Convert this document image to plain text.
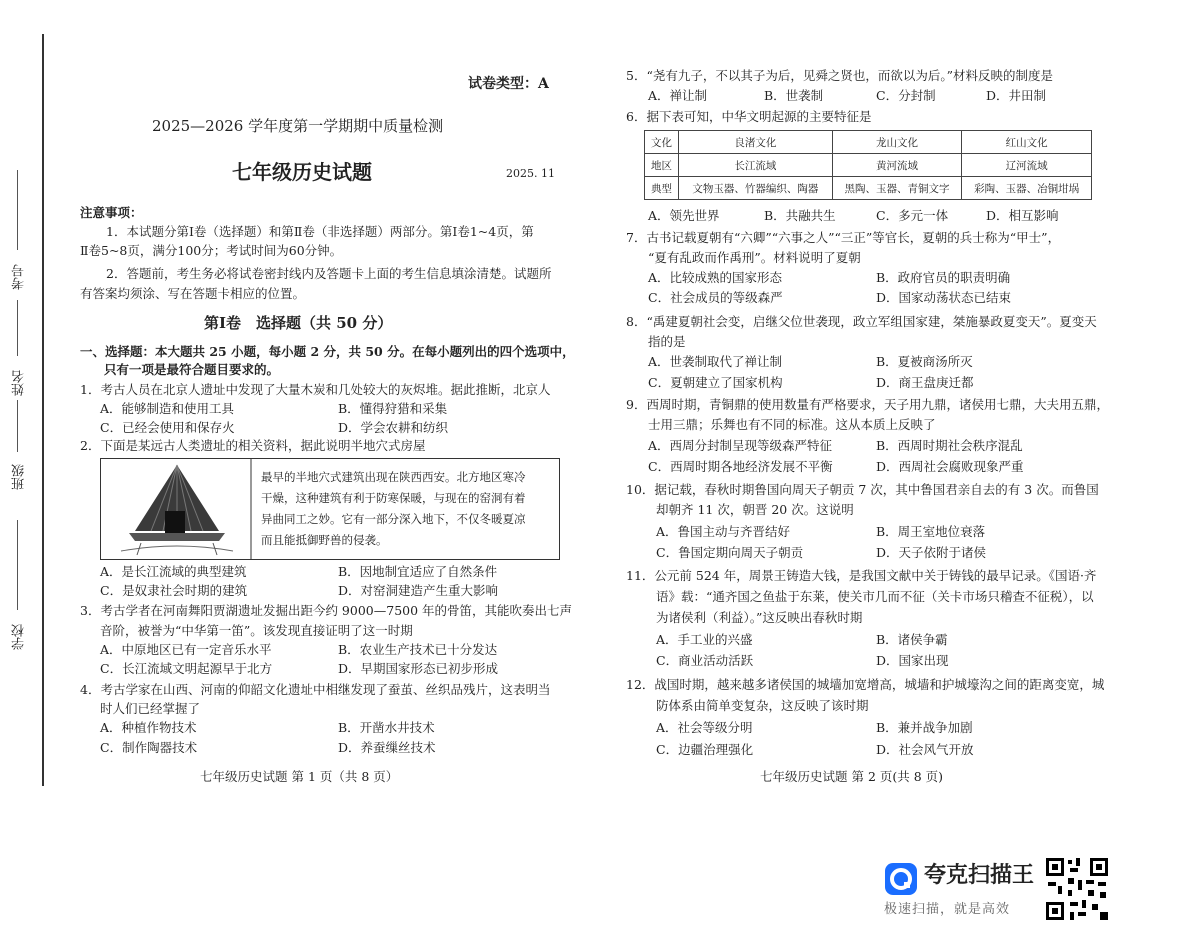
考号
姓名
班级
学校
试卷类型：A
2025—2026 学年度第一学期期中质量检测
七年级历史试题	2025. 11
注意事项：
1．本试题分第Ⅰ卷（选择题）和第Ⅱ卷（非选择题）两部分。第Ⅰ卷1~4页，第
Ⅱ卷5~8页，满分100分；考试时间为60分钟。
2．答题前，考生务必将试卷密封线内及答题卡上面的考生信息填涂清楚。试题所
有答案均须涂、写在答题卡相应的位置。
第Ⅰ卷　选择题（共 50 分）
一、选择题：本大题共 25 小题，每小题 2 分，共 50 分。在每小题列出的四个选项中，
只有一项是最符合题目要求的。
1．考古人员在北京人遗址中发现了大量木炭和几处较大的灰烬堆。据此推断，北京人
A．能够制造和使用工具	B．懂得狩猎和采集
C．已经会使用和保存火	D．学会农耕和纺织
2．下面是某远古人类遗址的相关资料，据此说明半地穴式房屋
最早的半地穴式建筑出现在陕西西安。北方地区寒冷
干燥，这种建筑有利于防寒保暖，与现在的窑洞有着
异曲同工之妙。它有一部分深入地下，不仅冬暖夏凉
而且能抵御野兽的侵袭。
A．是长江流域的典型建筑	B．因地制宜适应了自然条件
C．是奴隶社会时期的建筑	D．对窑洞建造产生重大影响
3．考古学者在河南舞阳贾湖遗址发掘出距今约 9000—7500 年的骨笛，其能吹奏出七声
音阶，被誉为“中华第一笛”。该发现直接证明了这一时期
A．中原地区已有一定音乐水平	B．农业生产技术已十分发达
C．长江流域文明起源早于北方	D．早期国家形态已初步形成
4．考古学家在山西、河南的仰韶文化遗址中相继发现了蚕茧、丝织品残片，这表明当
时人们已经掌握了
A．种植作物技术	B．开凿水井技术
C．制作陶器技术	D．养蚕缫丝技术
七年级历史试题 第 1 页（共 8 页）
5．“尧有九子，不以其子为后，见舜之贤也，而欲以为后。”材料反映的制度是
A．禅让制	B．世袭制	C．分封制	D．井田制
6．据下表可知，中华文明起源的主要特征是
文化	良渚文化	龙山文化	红山文化
地区	长江流域	黄河流域	辽河流域
典型	文物玉器、竹器编织、陶器	黑陶、玉器、青铜文字	彩陶、玉器、冶铜坩埚
A．领先世界	B．共融共生	C．多元一体	D．相互影响
7．古书记载夏朝有“六卿”“六事之人”“三正”等官长，夏朝的兵士称为“甲士”，
“夏有乱政而作禹刑”。材料说明了夏朝
A．比较成熟的国家形态	B．政府官员的职责明确
C．社会成员的等级森严	D．国家动荡状态已结束
8．“禹建夏朝社会变，启继父位世袭现，政立军组国家建，桀施暴政夏变天”。夏变天
指的是
A．世袭制取代了禅让制	B．夏被商汤所灭
C．夏朝建立了国家机构	D．商王盘庚迁都
9．西周时期，青铜鼎的使用数量有严格要求，天子用九鼎，诸侯用七鼎，大夫用五鼎，
士用三鼎；乐舞也有不同的标准。这从本质上反映了
A．西周分封制呈现等级森严特征	B．西周时期社会秩序混乱
C．西周时期各地经济发展不平衡	D．西周社会腐败现象严重
10．据记载，春秋时期鲁国向周天子朝贡 7 次，其中鲁国君亲自去的有 3 次。而鲁国
却朝齐 11 次，朝晋 20 次。这说明
A．鲁国主动与齐晋结好	B．周王室地位衰落
C．鲁国定期向周天子朝贡	D．天子依附于诸侯
11．公元前 524 年，周景王铸造大钱，是我国文献中关于铸钱的最早记录。《国语·齐
语》载：“通齐国之鱼盐于东莱，使关市几而不征（关卡市场只稽查不征税），以
为诸侯利（利益）。”这反映出春秋时期
A．手工业的兴盛	B．诸侯争霸
C．商业活动活跃	D．国家出现
12．战国时期，越来越多诸侯国的城墙加宽增高，城墙和护城壕沟之间的距离变宽，城
防体系由简单变复杂，这反映了该时期
A．社会等级分明	B．兼并战争加剧
C．边疆治理强化	D．社会风气开放
七年级历史试题 第 2 页(共 8 页)
夸克扫描王
极速扫描，就是高效
